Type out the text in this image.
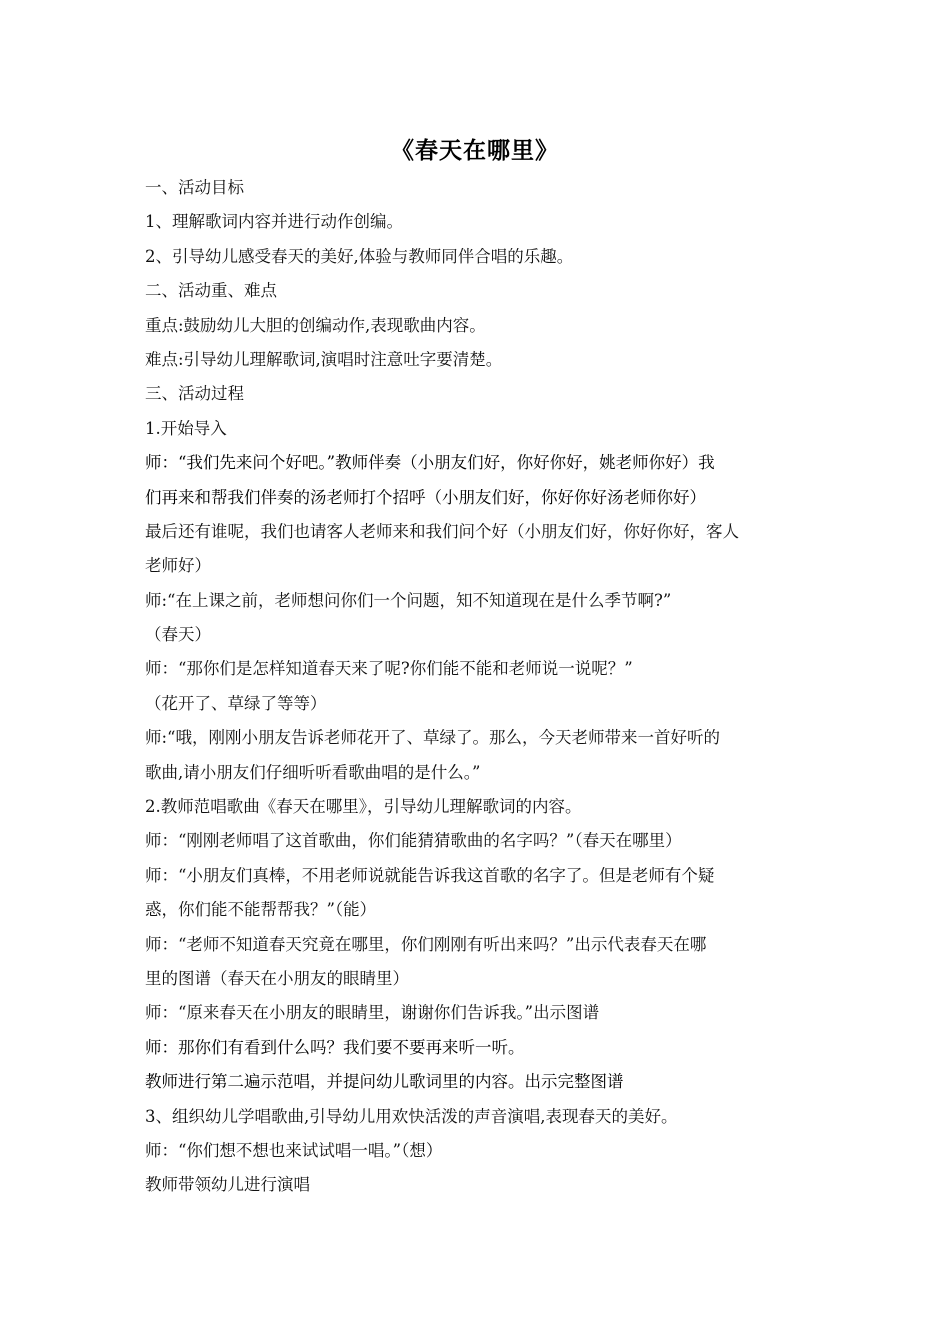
《春天在哪里》
一、活动目标
1、理解歌词内容并进行动作创编。
2、引导幼儿感受春天的美好,体验与教师同伴合唱的乐趣。
二、活动重、难点
重点:鼓励幼儿大胆的创编动作,表现歌曲内容。
难点:引导幼儿理解歌词,演唱时注意吐字要清楚。
三、活动过程
1.开始导入
师：“我们先来问个好吧。”教师伴奏（小朋友们好，你好你好，姚老师你好）我
们再来和帮我们伴奏的汤老师打个招呼（小朋友们好，你好你好汤老师你好）
最后还有谁呢，我们也请客人老师来和我们问个好（小朋友们好，你好你好，客人
老师好）
师:“在上课之前，老师想问你们一个问题，知不知道现在是什么季节啊?”
（春天）
师：“那你们是怎样知道春天来了呢?你们能不能和老师说一说呢？”
（花开了、草绿了等等）
师:“哦，刚刚小朋友告诉老师花开了、草绿了。那么，今天老师带来一首好听的
歌曲,请小朋友们仔细听听看歌曲唱的是什么。”
2.教师范唱歌曲《春天在哪里》，引导幼儿理解歌词的内容。
师：“刚刚老师唱了这首歌曲，你们能猜猜歌曲的名字吗？”（春天在哪里）
师：“小朋友们真棒，不用老师说就能告诉我这首歌的名字了。但是老师有个疑
惑，你们能不能帮帮我？”（能）
师：“老师不知道春天究竟在哪里，你们刚刚有听出来吗？”出示代表春天在哪
里的图谱（春天在小朋友的眼睛里）
师：“原来春天在小朋友的眼睛里，谢谢你们告诉我。”出示图谱
师：那你们有看到什么吗？我们要不要再来听一听。
教师进行第二遍示范唱，并提问幼儿歌词里的内容。出示完整图谱
3、组织幼儿学唱歌曲,引导幼儿用欢快活泼的声音演唱,表现春天的美好。
师：“你们想不想也来试试唱一唱。”（想）
教师带领幼儿进行演唱
